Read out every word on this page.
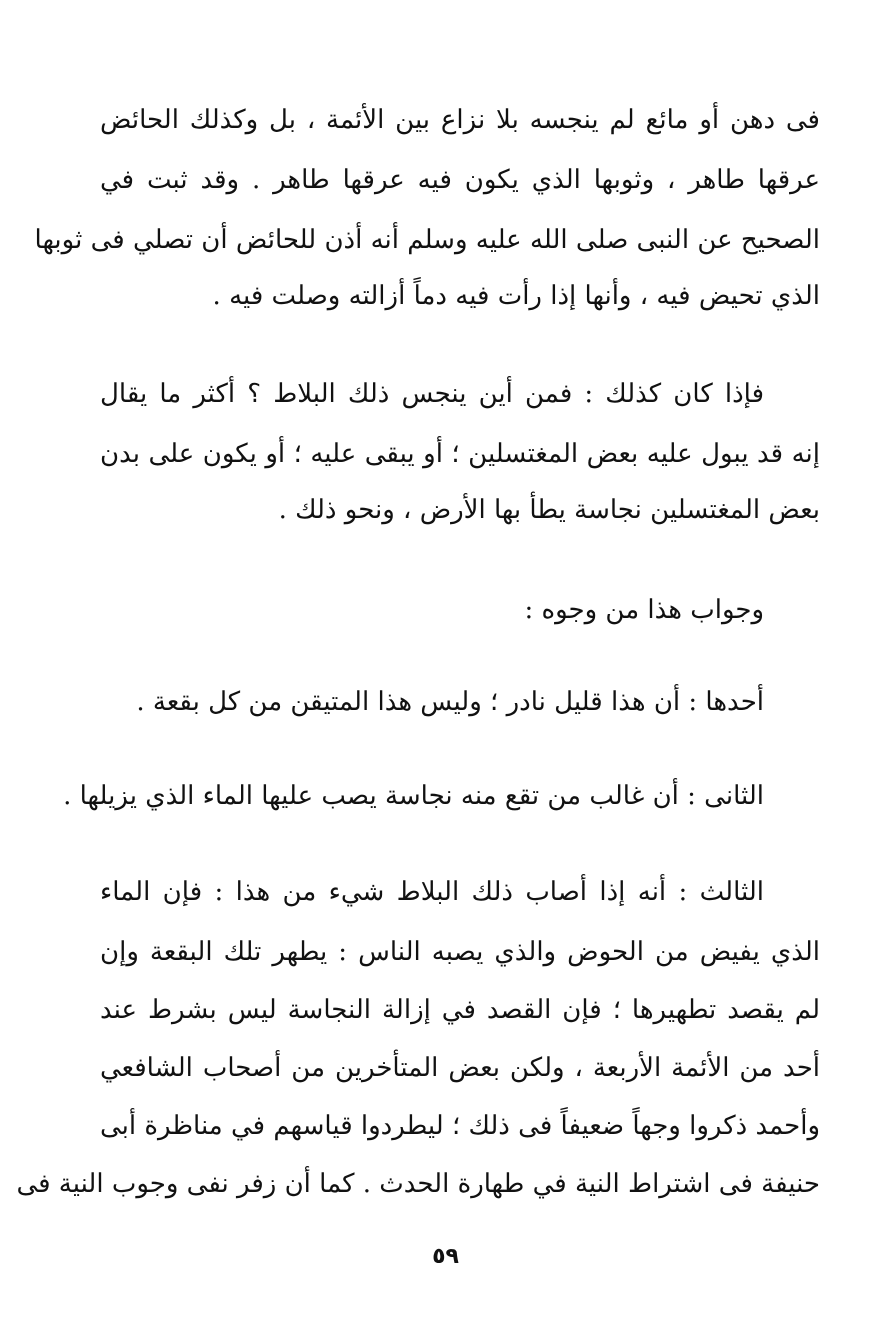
فى دهن أو مائع لم ينجسه بلا نزاع بين الأئمة ، بل وكذلك الحائض
عرقها طاهر ، وثوبها الذي يكون فيه عرقها طاهر . وقد ثبت في
الصحيح عن النبى صلى الله عليه وسلم أنه أذن للحائض أن تصلي فى ثوبها
الذي تحيض فيه ، وأنها إذا رأت فيه دماً أزالته وصلت فيه .
فإذا كان كذلك : فمن أين ينجس ذلك البلاط ؟ أكثر ما يقال
إنه قد يبول عليه بعض المغتسلين ؛ أو يبقى عليه ؛ أو يكون على بدن
بعض المغتسلين نجاسة يطأ بها الأرض ، ونحو ذلك .
وجواب هذا من وجوه :
أحدها : أن هذا قليل نادر ؛ وليس هذا المتيقن من كل بقعة .
الثانى : أن غالب من تقع منه نجاسة يصب عليها الماء الذي يزيلها .
الثالث : أنه إذا أصاب ذلك البلاط شيء من هذا : فإن الماء
الذي يفيض من الحوض والذي يصبه الناس : يطهر تلك البقعة وإن
لم يقصد تطهيرها ؛ فإن القصد في إزالة النجاسة ليس بشرط عند
أحد من الأئمة الأربعة ، ولكن بعض المتأخرين من أصحاب الشافعي
وأحمد ذكروا وجهاً ضعيفاً فى ذلك ؛ ليطردوا قياسهم في مناظرة أبى
حنيفة فى اشتراط النية في طهارة الحدث . كما أن زفر نفى وجوب النية فى
٥٩
